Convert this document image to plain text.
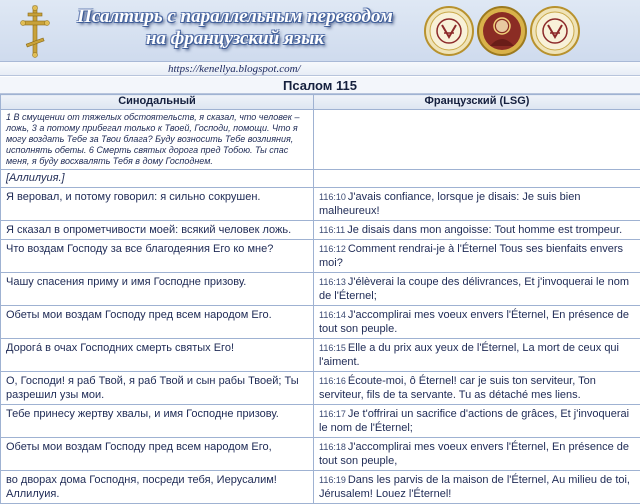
Псалтирь с параллельным переводом
на французский язык
https://kenellya.blogspot.com/
Псалом 115
Синодальный	Французский (LSG)
1 В смущении от тяжелых обстоятельств, я сказал, что человек – ложь, 3 а потому прибегал только к Твоей, Господи, помощи. Что я могу воздать Тебе за Твои блага? Буду возносить Тебе возлияния, исполнять обеты. 6 Смерть святых дорога пред Тобою. Ты спас меня, я буду восхвалять Тебя в дому Господнем.	
[Аллилуия.]	
Я веровал, и потому говорил: я сильно сокрушен.	116:10 J'avais confiance, lorsque je disais: Je suis bien malheureux!
Я сказал в опрометчивости моей: всякий человек ложь.	116:11 Je disais dans mon angoisse: Tout homme est trompeur.
Что воздам Господу за все благодеяния Его ко мне?	116:12 Comment rendrai-je à l'Éternel Tous ses bienfaits envers moi?
Чашу спасения приму и имя Господне призову.	116:13 J'élèverai la coupe des délivrances, Et j'invoquerai le nom de l'Éternel;
Обеты мои воздам Господу пред всем народом Его.	116:14 J'accomplirai mes voeux envers l'Éternel, En présence de tout son peuple.
Дорогá в очах Господних смерть святых Его!	116:15 Elle a du prix aux yeux de l'Éternel, La mort de ceux qui l'aiment.
О, Господи! я раб Твой, я раб Твой и сын рабы Твоей; Ты разрешил узы мои.	116:16 Écoute-moi, ô Éternel! car je suis ton serviteur, Ton serviteur, fils de ta servante. Tu as détaché mes liens.
Тебе принесу жертву хвалы, и имя Господне призову.	116:17 Je t'offrirai un sacrifice d'actions de grâces, Et j'invoquerai le nom de l'Éternel;
Обеты мои воздам Господу пред всем народом Его,	116:18 J'accomplirai mes voeux envers l'Éternel, En présence de tout son peuple,
во дворах дома Господня, посреди тебя, Иерусалим! Аллилуия.	116:19 Dans les parvis de la maison de l'Éternel, Au milieu de toi, Jérusalem! Louez l'Éternel!
